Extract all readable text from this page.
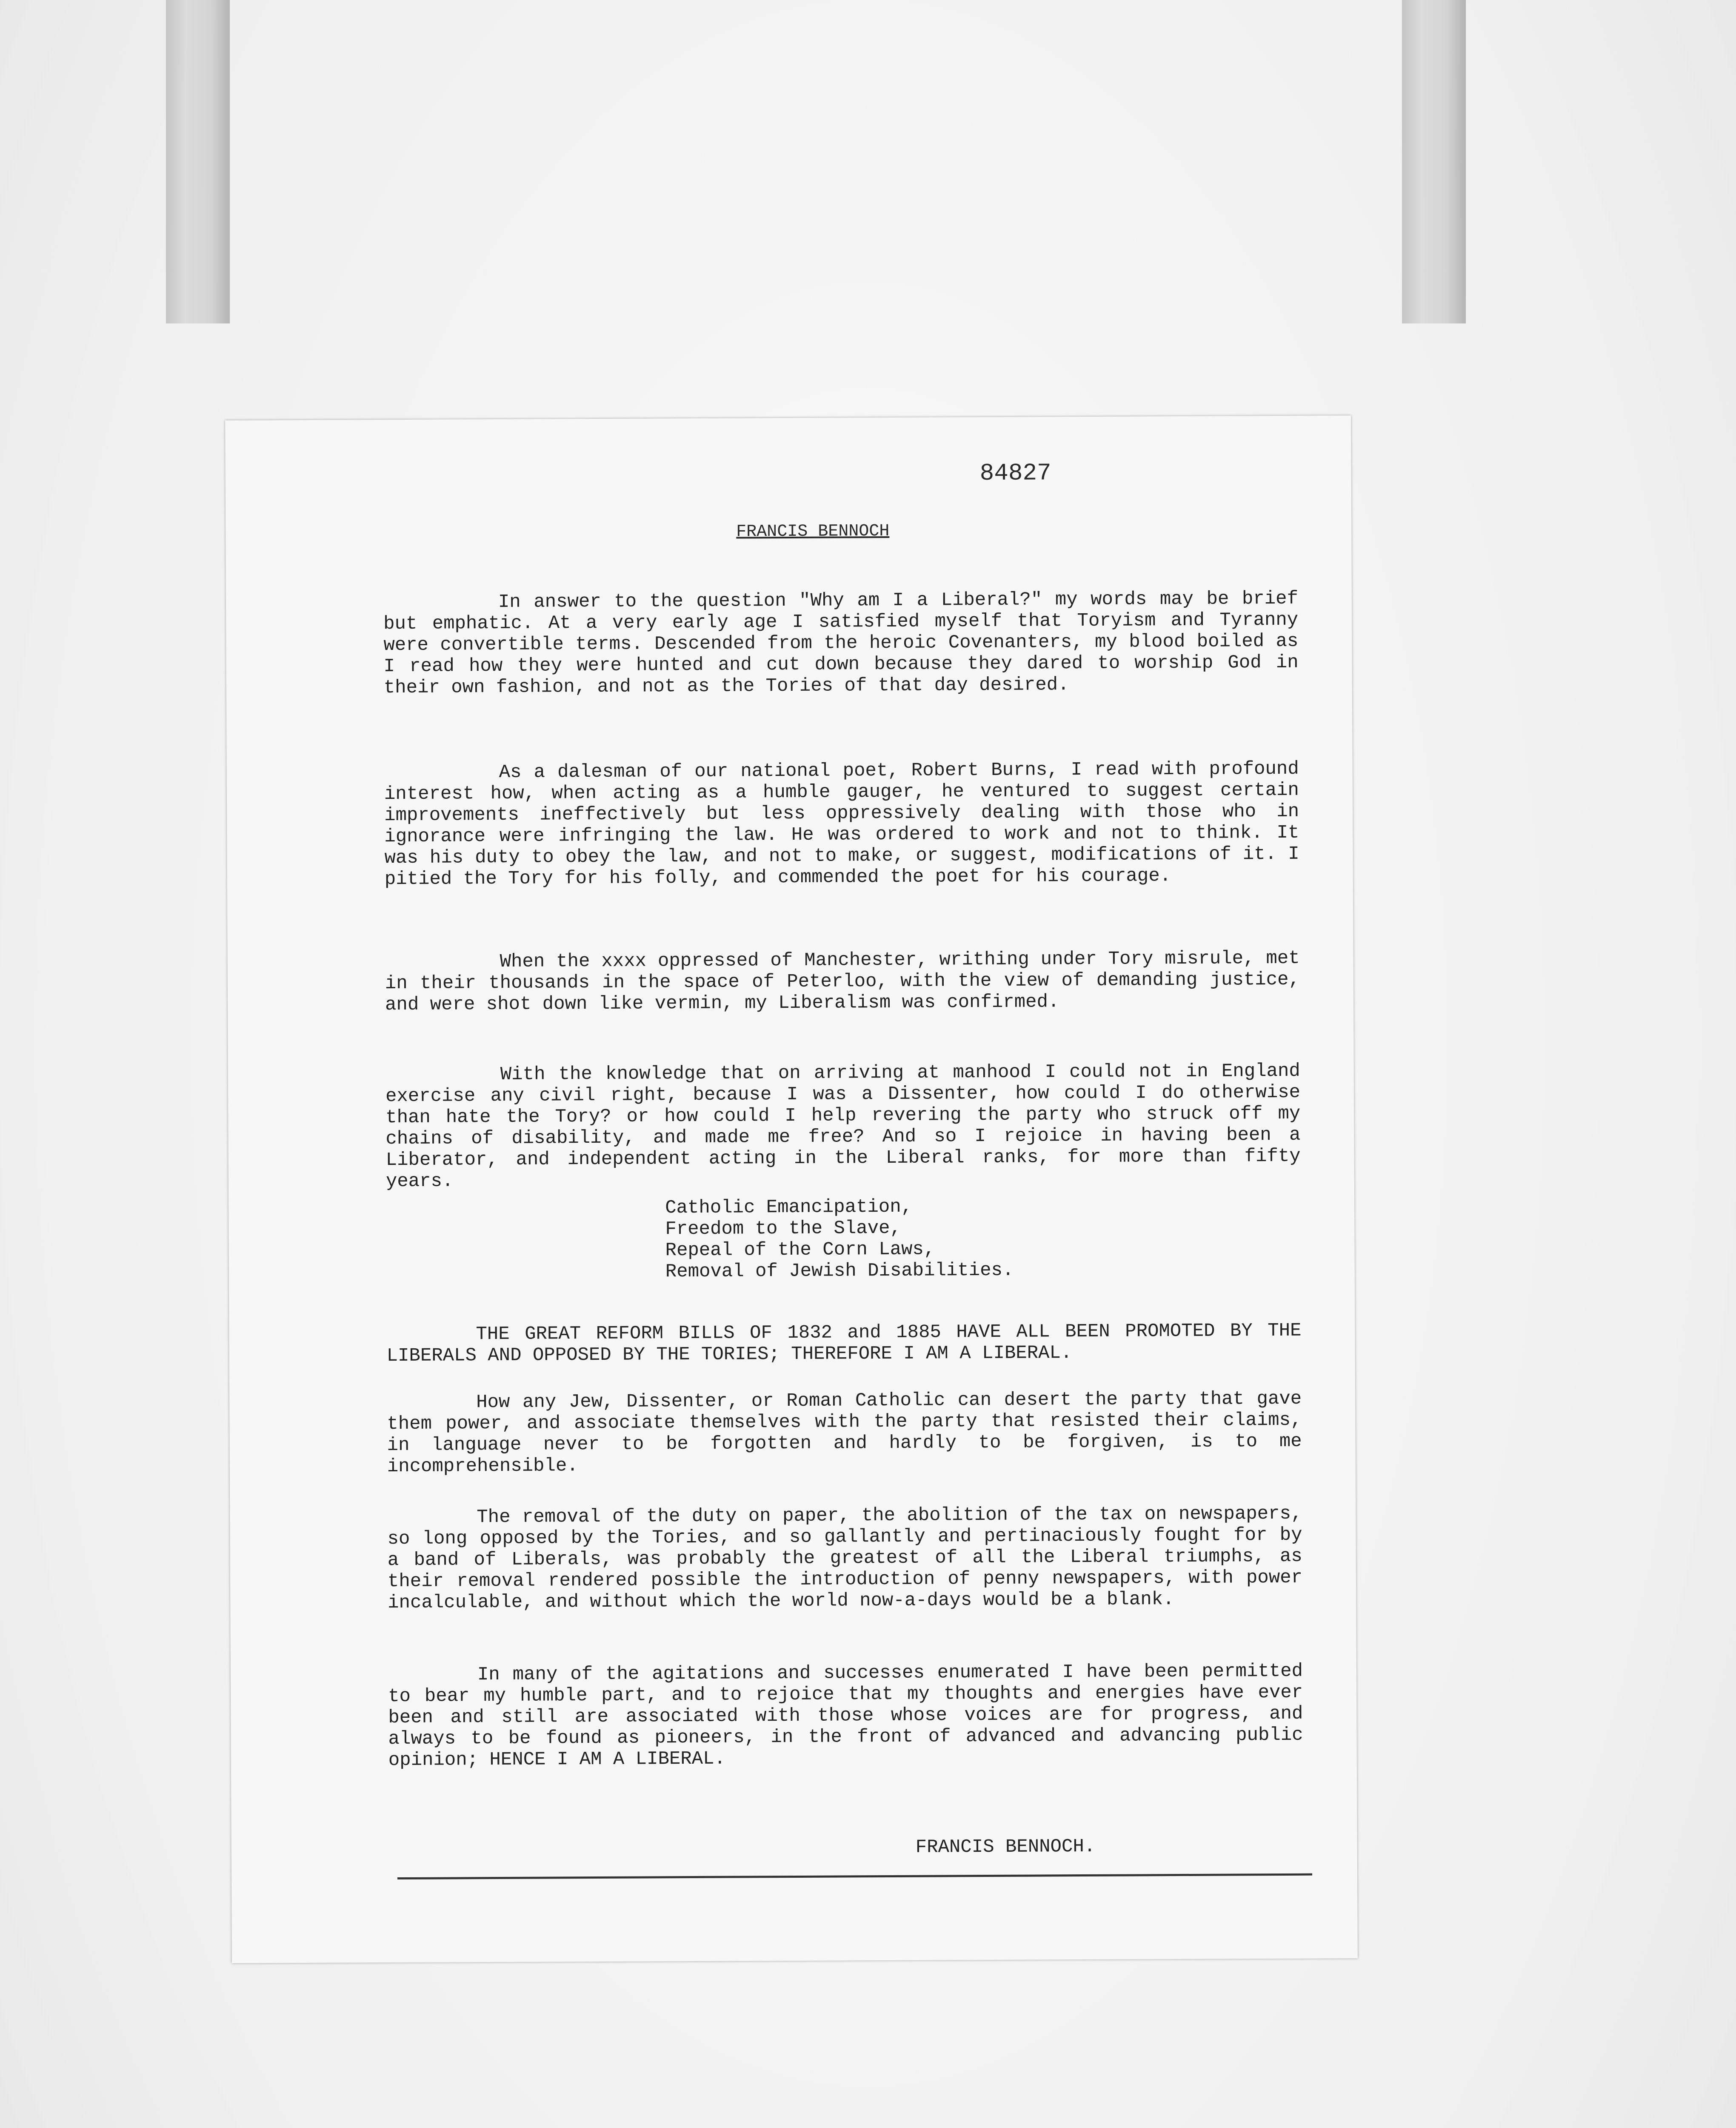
84827
FRANCIS BENNOCH

In answer to the question "Why am I a Liberal?" my words may be brief but emphatic. At a very early age I satisfied myself that Toryism and Tyranny were convertible terms. Descended from the heroic Covenanters, my blood boiled as I read how they were hunted and cut down because they dared to worship God in their own fashion, and not as the Tories of that day desired.

As a dalesman of our national poet, Robert Burns, I read with profound interest how, when acting as a humble gauger, he ventured to suggest certain improvements ineffectively but less oppressively dealing with those who in ignorance were infringing the law. He was ordered to work and not to think. It was his duty to obey the law, and not to make, or suggest, modifications of it. I pitied the Tory for his folly, and commended the poet for his courage.

When the xxxx oppressed of Manchester, writhing under Tory misrule, met in their thousands in the space of Peterloo, with the view of demanding justice, and were shot down like vermin, my Liberalism was confirmed.

With the knowledge that on arriving at manhood I could not in England exercise any civil right, because I was a Dissenter, how could I do otherwise than hate the Tory? or how could I help revering the party who struck off my chains of disability, and made me free? And so I rejoice in having been a Liberator, and independent acting in the Liberal ranks, for more than fifty years.

Catholic Emancipation,
Freedom to the Slave,
Repeal of the Corn Laws,
Removal of Jewish Disabilities.

THE GREAT REFORM BILLS OF 1832 and 1885 HAVE ALL BEEN PROMOTED BY THE LIBERALS AND OPPOSED BY THE TORIES; THEREFORE I AM A LIBERAL.

How any Jew, Dissenter, or Roman Catholic can desert the party that gave them power, and associate themselves with the party that resisted their claims, in language never to be forgotten and hardly to be forgiven, is to me incomprehensible.

The removal of the duty on paper, the abolition of the tax on newspapers, so long opposed by the Tories, and so gallantly and pertinaciously fought for by a band of Liberals, was probably the greatest of all the Liberal triumphs, as their removal rendered possible the introduction of penny newspapers, with power incalculable, and without which the world now-a-days would be a blank.

In many of the agitations and successes enumerated I have been permitted to bear my humble part, and to rejoice that my thoughts and energies have ever been and still are associated with those whose voices are for progress, and always to be found as pioneers, in the front of advanced and advancing public opinion; HENCE I AM A LIBERAL.

FRANCIS BENNOCH.
